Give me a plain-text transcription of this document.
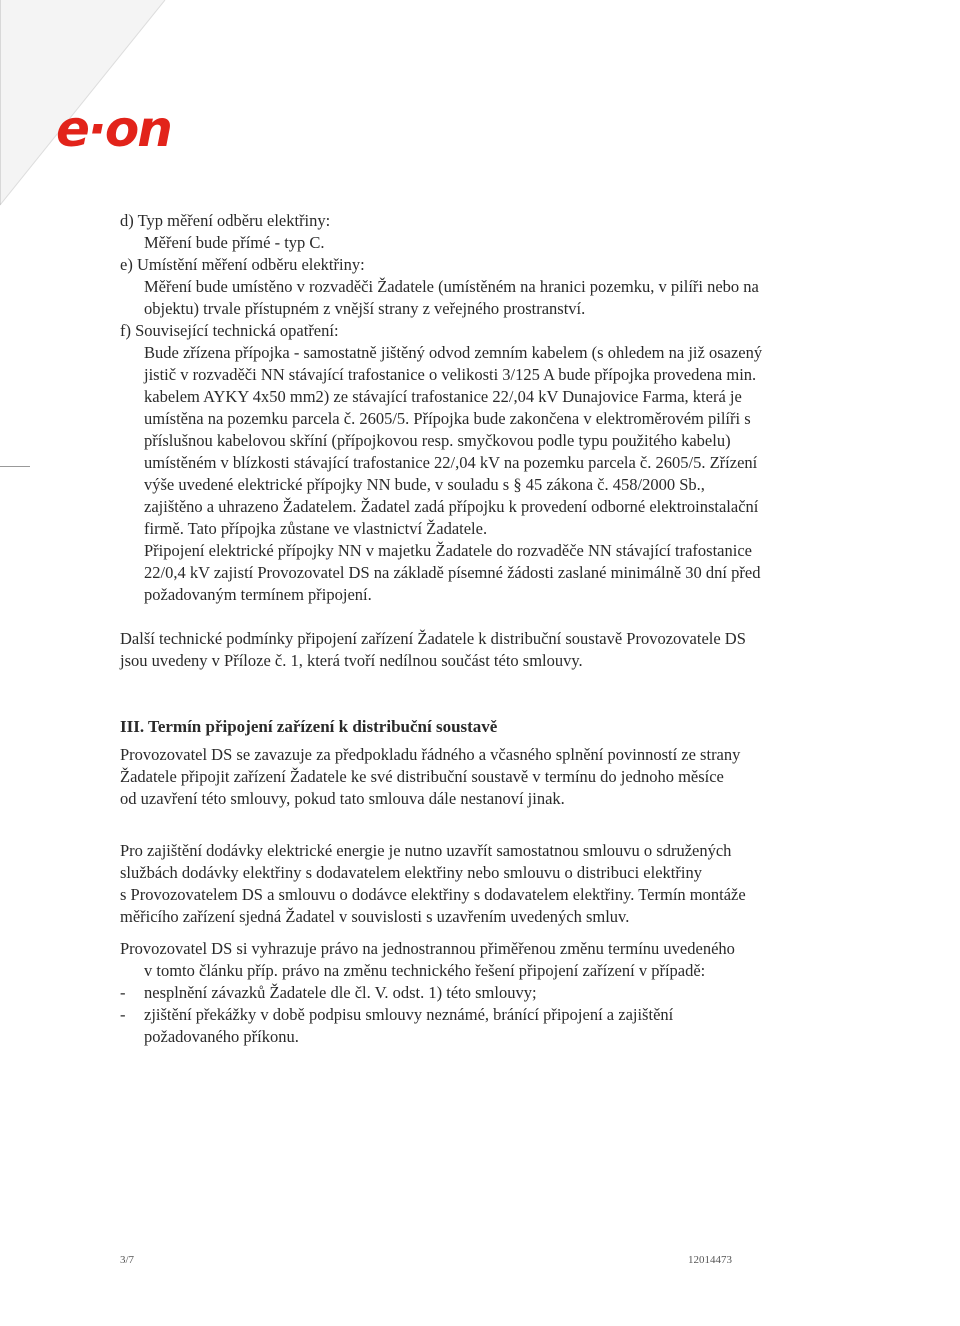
e·on

d) Typ měření odběru elektřiny:

Měření bude přímé - typ C.

e) Umístění měření odběru elektřiny:

Měření bude umístěno v rozvaděči Žadatele (umístěném na hranici pozemku, v pilíři nebo na

objektu) trvale přístupném z vnější strany z veřejného prostranství.

f) Související technická opatření:

Bude zřízena přípojka - samostatně jištěný odvod zemním kabelem (s ohledem na již osazený

jistič v rozvaděči NN stávající trafostanice o velikosti 3/125 A bude přípojka provedena min.

kabelem AYKY 4x50 mm2) ze stávající trafostanice 22/,04 kV Dunajovice Farma, která je

umístěna na pozemku parcela č. 2605/5. Přípojka bude zakončena v elektroměrovém pilíři s

příslušnou kabelovou skříní (přípojkovou resp. smyčkovou podle typu použitého kabelu)

umístěném v blízkosti stávající trafostanice 22/,04 kV na pozemku parcela č. 2605/5. Zřízení

výše uvedené elektrické přípojky NN bude, v souladu s § 45 zákona č. 458/2000 Sb.,

zajištěno a uhrazeno Žadatelem. Žadatel zadá přípojku k provedení odborné elektroinstalační

firmě. Tato přípojka zůstane ve vlastnictví Žadatele.

Připojení elektrické přípojky NN v majetku Žadatele do rozvaděče NN stávající trafostanice

22/0,4 kV zajistí Provozovatel DS na základě písemné žádosti zaslané minimálně 30 dní před

požadovaným termínem připojení.

Další technické podmínky připojení zařízení Žadatele k distribuční soustavě Provozovatele DS

jsou uvedeny v Příloze č. 1, která tvoří nedílnou součást této smlouvy.

III. Termín připojení zařízení k distribuční soustavě

Provozovatel DS se zavazuje za předpokladu řádného a včasného splnění povinností ze strany

Žadatele připojit zařízení Žadatele ke své distribuční soustavě v termínu do jednoho měsíce

od uzavření této smlouvy, pokud tato smlouva dále nestanoví jinak.

Pro zajištění dodávky elektrické energie je nutno uzavřít samostatnou smlouvu o sdružených

službách dodávky elektřiny s dodavatelem elektřiny nebo smlouvu o distribuci elektřiny

s Provozovatelem DS a smlouvu o dodávce elektřiny s dodavatelem elektřiny. Termín montáže

měřicího zařízení sjedná Žadatel v souvislosti s uzavřením uvedených smluv.

Provozovatel DS si vyhrazuje právo na jednostrannou přiměřenou změnu termínu uvedeného

v tomto článku příp. právo na změnu technického řešení připojení zařízení v případě:

-	nesplnění závazků Žadatele dle čl. V. odst. 1) této smlouvy;
-	zjištění překážky v době podpisu smlouvy neznámé, bránící připojení a zajištění

požadovaného příkonu.

3/7	12014473
